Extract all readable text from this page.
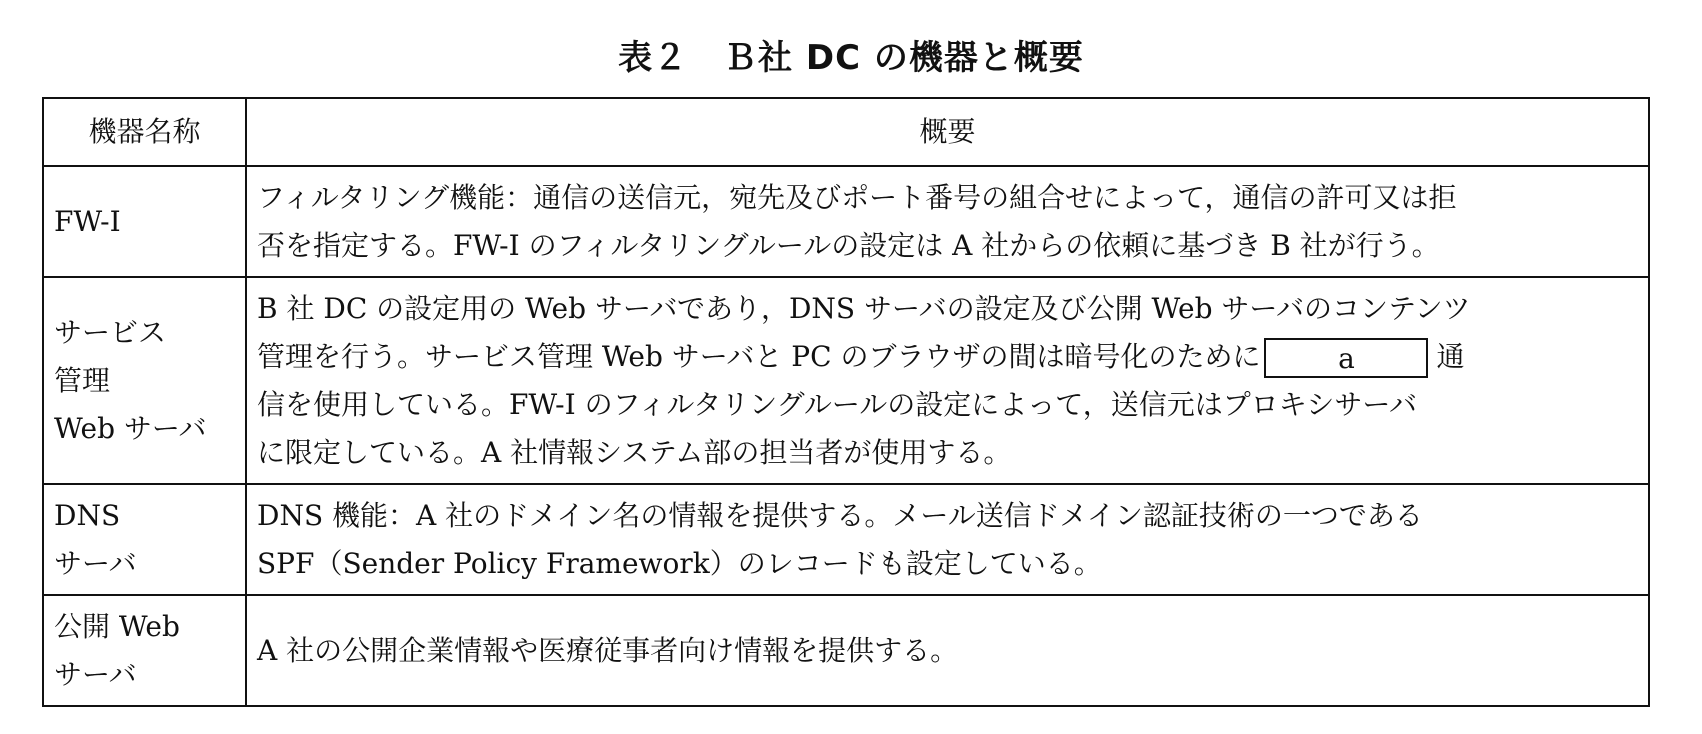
表２　Ｂ社 DC の機器と概要
機器名称	概要
FW-I	フィルタリング機能：通信の送信元，宛先及びポート番号の組合せによって，通信の許可又は拒
否を指定する。FW-I のフィルタリングルールの設定は A 社からの依頼に基づき B 社が行う。
サービス
管理
Web サーバ	B 社 DC の設定用の Web サーバであり，DNS サーバの設定及び公開 Web サーバのコンテンツ
管理を行う。サービス管理 Web サーバと PC のブラウザの間は暗号化のために a 通
信を使用している。FW-I のフィルタリングルールの設定によって，送信元はプロキシサーバ
に限定している。A 社情報システム部の担当者が使用する。
DNS
サーバ	DNS 機能：A 社のドメイン名の情報を提供する。メール送信ドメイン認証技術の一つである
SPF（Sender Policy Framework）のレコードも設定している。
公開 Web
サーバ	A 社の公開企業情報や医療従事者向け情報を提供する。
